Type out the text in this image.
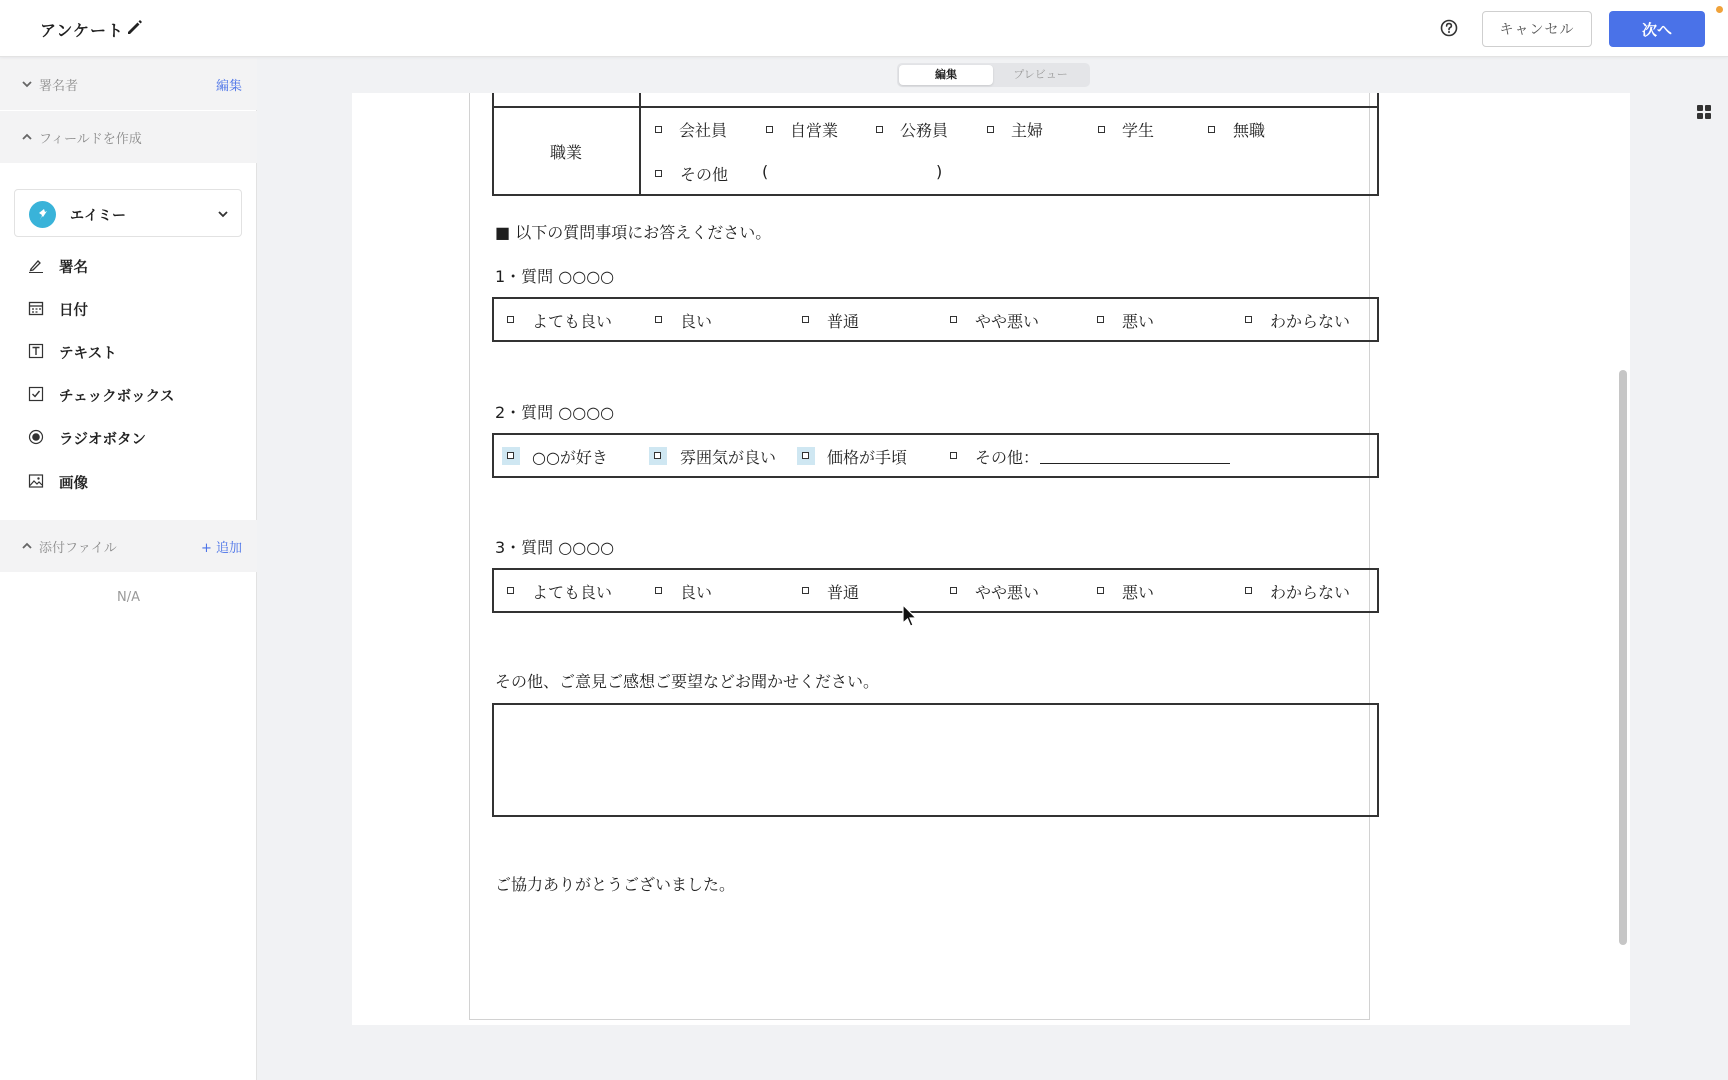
アンケート	キャンセル	次へ
署名者	編集
フィールドを作成
エイミー
署名
日付
テキスト
チェックボックス
ラジオボタン
画像
添付ファイル	+ 追加
N/A
編集	プレビュー
職業
会社員	自営業	公務員	主婦	学生	無職
その他 (	)
■ 以下の質問事項にお答えください。
1・質問 ○○○○
よても良い	良い	普通	やや悪い	悪い	わからない
2・質問 ○○○○
○○が好き	雰囲気が良い	価格が手頃	その他：
3・質問 ○○○○
よても良い	良い	普通	やや悪い	悪い	わからない
その他、ご意見ご感想ご要望などお聞かせください。
ご協力ありがとうございました。
